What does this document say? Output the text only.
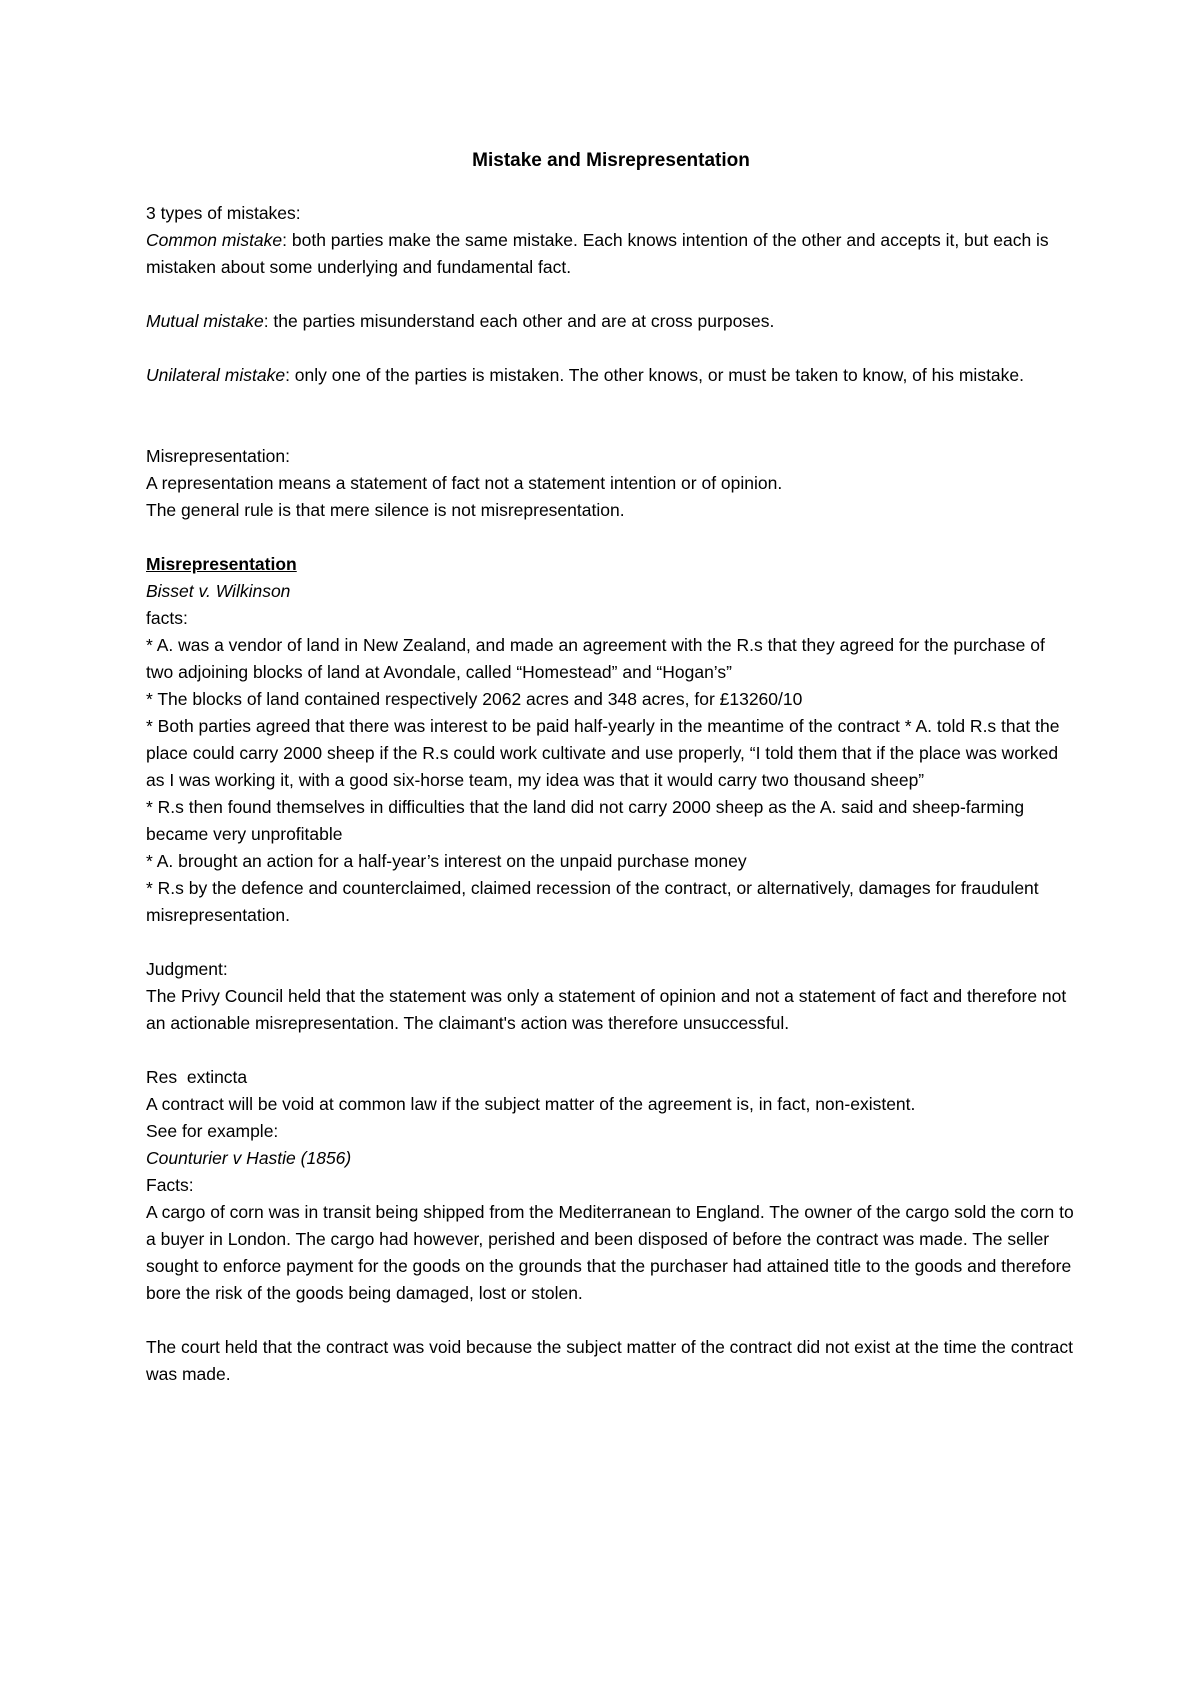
Mistake and Misrepresentation

3 types of mistakes:

Common mistake: both parties make the same mistake. Each knows intention of the other and accepts it, but each is mistaken about some underlying and fundamental fact.

Mutual mistake: the parties misunderstand each other and are at cross purposes.

Unilateral mistake: only one of the parties is mistaken. The other knows, or must be taken to know, of his mistake.

Misrepresentation:

A representation means a statement of fact not a statement intention or of opinion.

The general rule is that mere silence is not misrepresentation.

Misrepresentation

Bisset v. Wilkinson

facts:

* A. was a vendor of land in New Zealand, and made an agreement with the R.s that they agreed for the purchase of two adjoining blocks of land at Avondale, called “Homestead” and “Hogan’s”

* The blocks of land contained respectively 2062 acres and 348 acres, for £13260/10

* Both parties agreed that there was interest to be paid half-yearly in the meantime of the contract * A. told R.s that the place could carry 2000 sheep if the R.s could work cultivate and use properly, “I told them that if the place was worked as I was working it, with a good six-horse team, my idea was that it would carry two thousand sheep”

* R.s then found themselves in difficulties that the land did not carry 2000 sheep as the A. said and sheep-farming became very unprofitable

* A. brought an action for a half-year’s interest on the unpaid purchase money

* R.s by the defence and counterclaimed, claimed recession of the contract, or alternatively, damages for fraudulent misrepresentation.

Judgment:

The Privy Council held that the statement was only a statement of opinion and not a statement of fact and therefore not an actionable misrepresentation. The claimant's action was therefore unsuccessful.

Res  extincta

A contract will be void at common law if the subject matter of the agreement is, in fact, non-existent.

See for example:

Counturier v Hastie (1856)

Facts:

A cargo of corn was in transit being shipped from the Mediterranean to England. The owner of the cargo sold the corn to a buyer in London. The cargo had however, perished and been disposed of before the contract was made. The seller sought to enforce payment for the goods on the grounds that the purchaser had attained title to the goods and therefore bore the risk of the goods being damaged, lost or stolen.

The court held that the contract was void because the subject matter of the contract did not exist at the time the contract was made.
